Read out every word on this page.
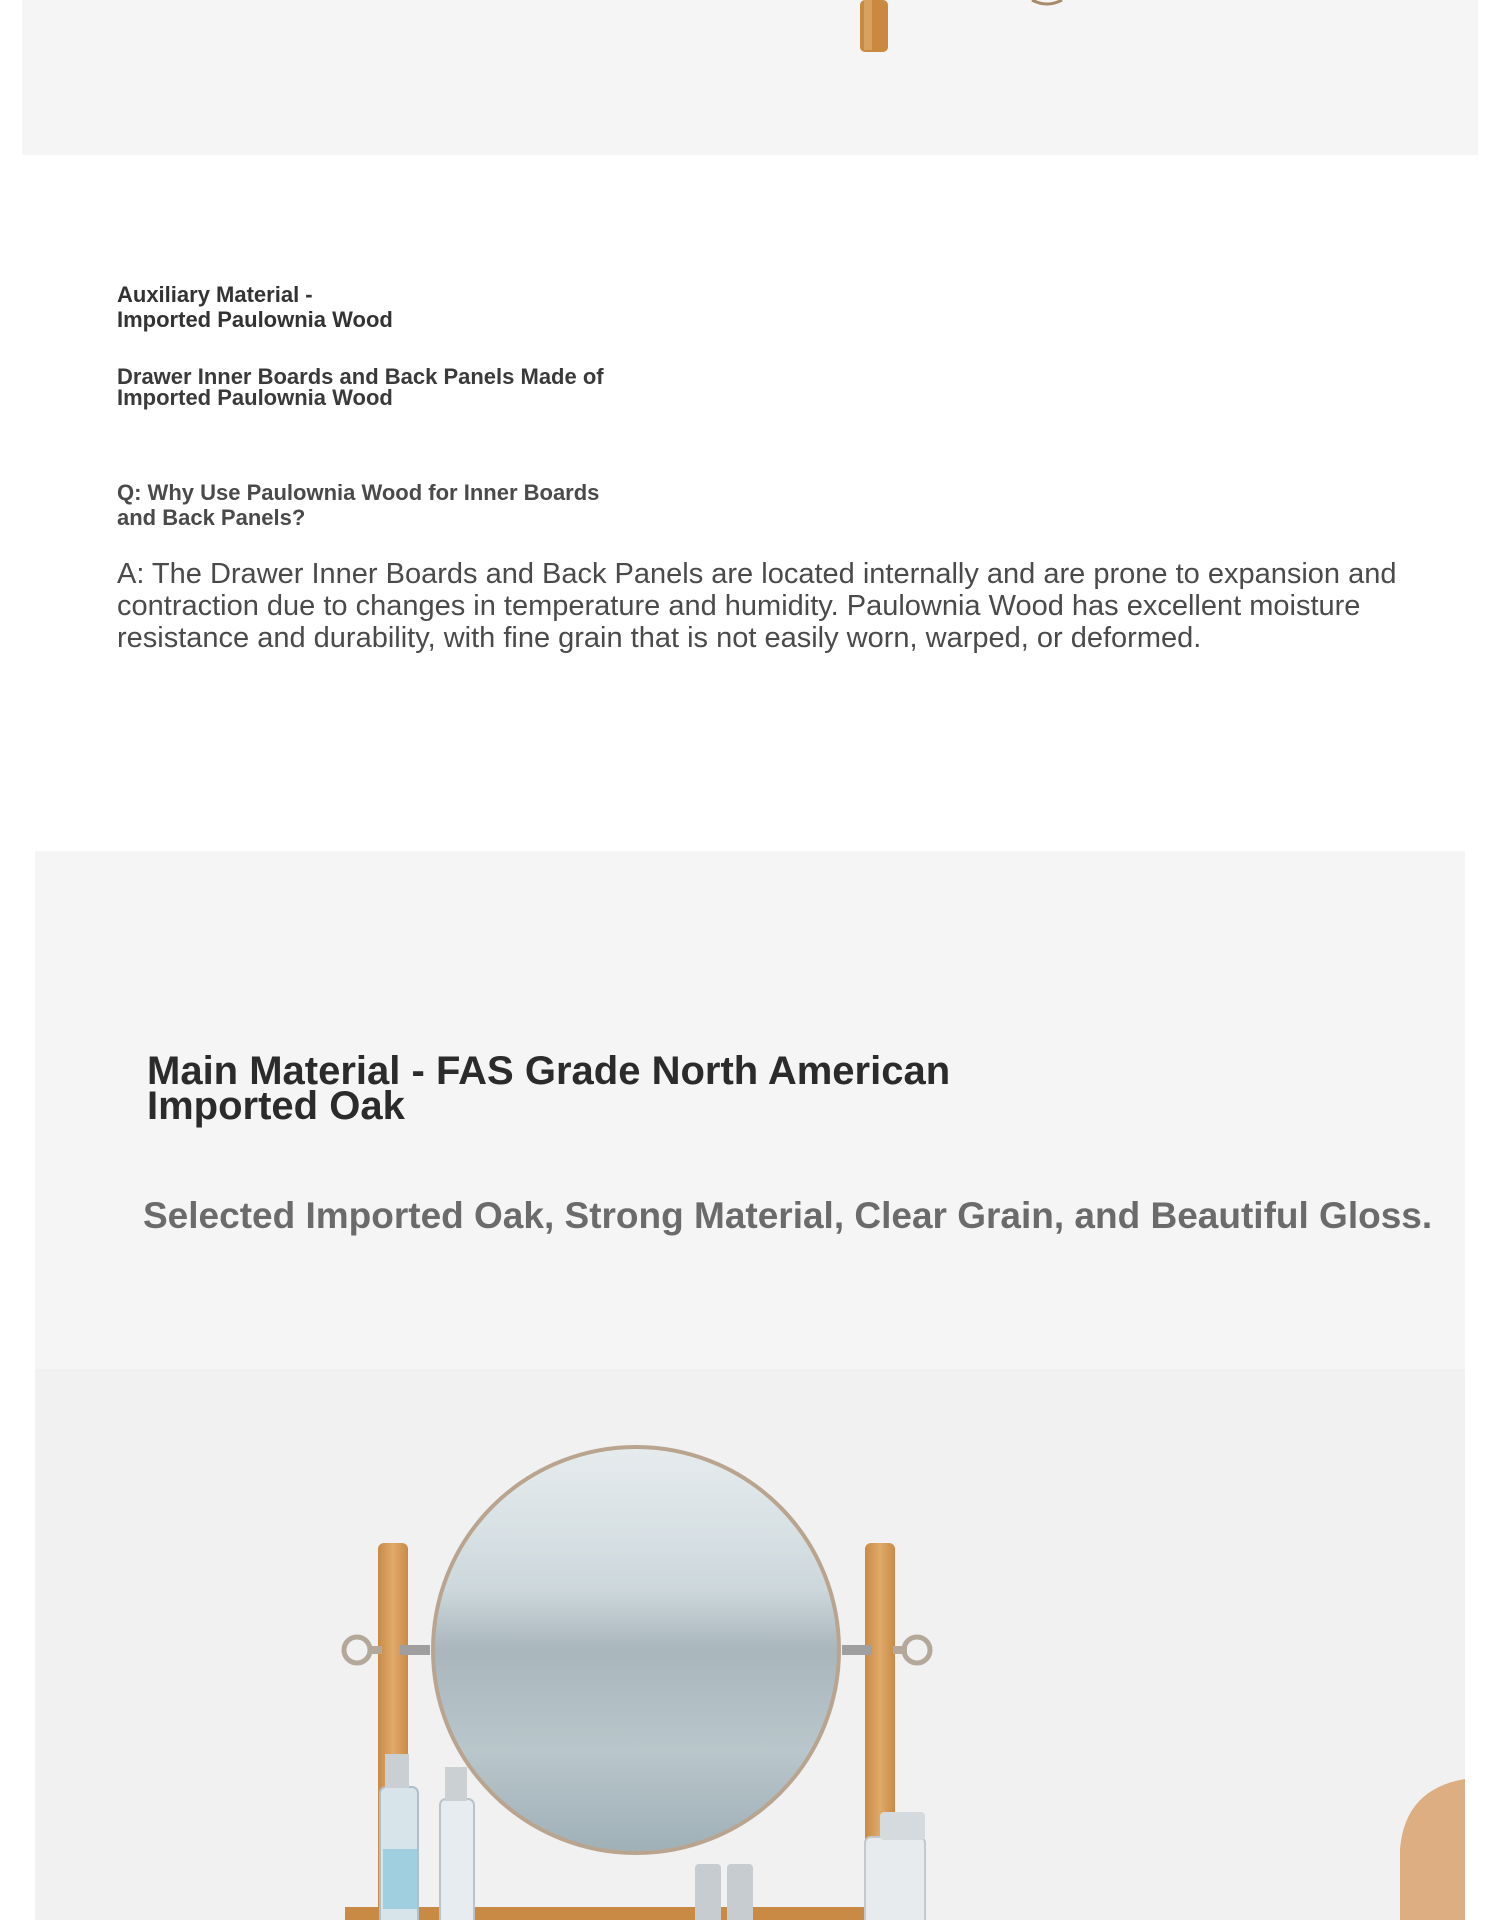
Auxiliary Material -
Imported Paulownia Wood
Drawer Inner Boards and Back Panels Made of
Imported Paulownia Wood
Q: Why Use Paulownia Wood for Inner Boards
and Back Panels?
A: The Drawer Inner Boards and Back Panels are located internally and are prone to expansion and contraction due to changes in temperature and humidity. Paulownia Wood has excellent moisture resistance and durability, with fine grain that is not easily worn, warped, or deformed.
Main Material - FAS Grade North American
Imported Oak
Selected Imported Oak, Strong Material, Clear Grain, and Beautiful Gloss.
